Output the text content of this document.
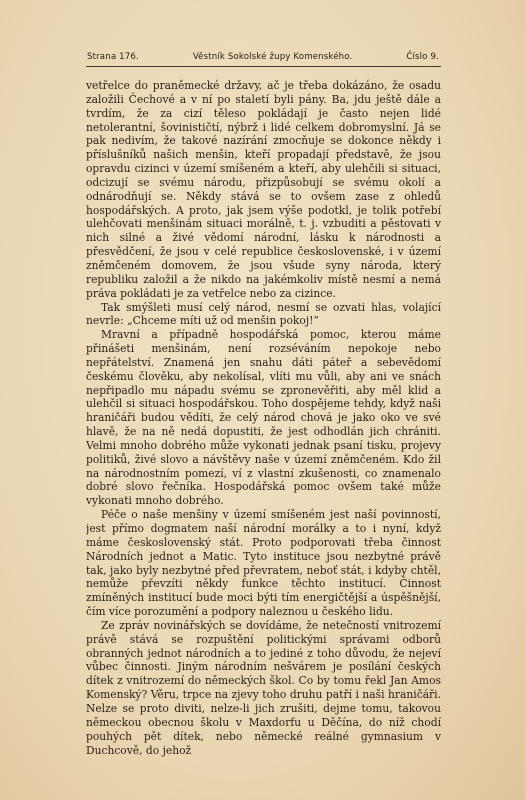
Strana 176.	Věstník Sokolské župy Komenského.	Číslo 9.

vetřelce do praněmecké državy, ač je třeba dokázáno, že osadu založili Čechové a v ní po staletí byli pány. Ba, jdu ještě dále a tvrdím, že za cizí těleso pokládají je často nejen lidé netolerantní, šovinističtí, nýbrž i lidé celkem dobromyslní. Já se pak nedivím, že takové nazírání zmocňuje se dokonce někdy i příslušníků našich menšin, kteří propadají představě, že jsou opravdu cizinci v území smíšeném a kteří, aby ulehčili si situaci, odcizují se svému národu, přizpůsobují se svému okolí a odnárodňují se. Někdy stává se to ovšem zase z ohledů hospodářských. A proto, jak jsem výše podotkl, je tolik potřebí ulehčovati menšinám situaci morálně, t. j. vzbuditi a pěstovati v nich silné a živé vědomí národní, lásku k národnosti a přesvědčení, že jsou v celé republice československé, i v území zněmčeném domovem, že jsou všude syny národa, který republiku založil a že nikdo na jakémkoliv místě nesmí a nemá práva pokládati je za vetřelce nebo za cizince.

Tak smýšleti musí celý národ, nesmí se ozvati hlas, volající nevrle: „Chceme míti už od menšin pokoj!“

Mravní a případně hospodářská pomoc, kterou máme přinášeti menšinám, není rozséváním nepokoje nebo nepřátelství. Znamená jen snahu dáti páteř a sebevědomí českému člověku, aby nekolísal, vlíti mu vůli, aby ani ve snách nepřipadlo mu nápadu svému se zpronevěřiti, aby měl klid a ulehčil si situaci hospodářskou. Toho dospějeme tehdy, když naši hraničáři budou vědíti, že celý národ chová je jako oko ve své hlavě, že na ně nedá dopustiti, že jest odhodlán jich chrániti. Velmi mnoho dobrého může vykonati jednak psaní tisku, projevy politiků, živé slovo a návštěvy naše v území zněmčeném. Kdo žil na národnostním pomezí, ví z vlastní zkušenosti, co znamenalo dobré slovo řečníka. Hospodářská pomoc ovšem také může vykonati mnoho dobrého.

Péče o naše menšiny v území smíšeném jest naší povinností, jest přímo dogmatem naší národní morálky a to i nyní, když máme československý stát. Proto podporovati třeba činnost Národních jednot a Matic. Tyto instituce jsou nezbytné právě tak, jako byly nezbytné před převratem, neboť stát, i kdyby chtěl, nemůže převzíti někdy funkce těchto institucí. Činnost zmíněných institucí bude moci býti tím energičtější a úspěšnější, čím více porozumění a podpory naleznou u českého lidu.

Ze zpráv novinářských se dovídáme, že netečností vnitrozemí právě stává se rozpuštění politickými správami odborů obranných jednot národních a to jediné z toho důvodu, že nejeví vůbec činnosti. Jiným národním nešvárem je posílání českých dítek z vnitrozemí do německých škol. Co by tomu řekl Jan Amos Komenský? Věru, trpce na zjevy toho druhu patří i naši hraničáři. Nelze se proto diviti, nelze-li jich zrušiti, dejme tomu, takovou německou obecnou školu v Maxdorfu u Děčína, do níž chodí pouhých pět dítek, nebo německé reálné gymnasium v Duchcově, do jehož
